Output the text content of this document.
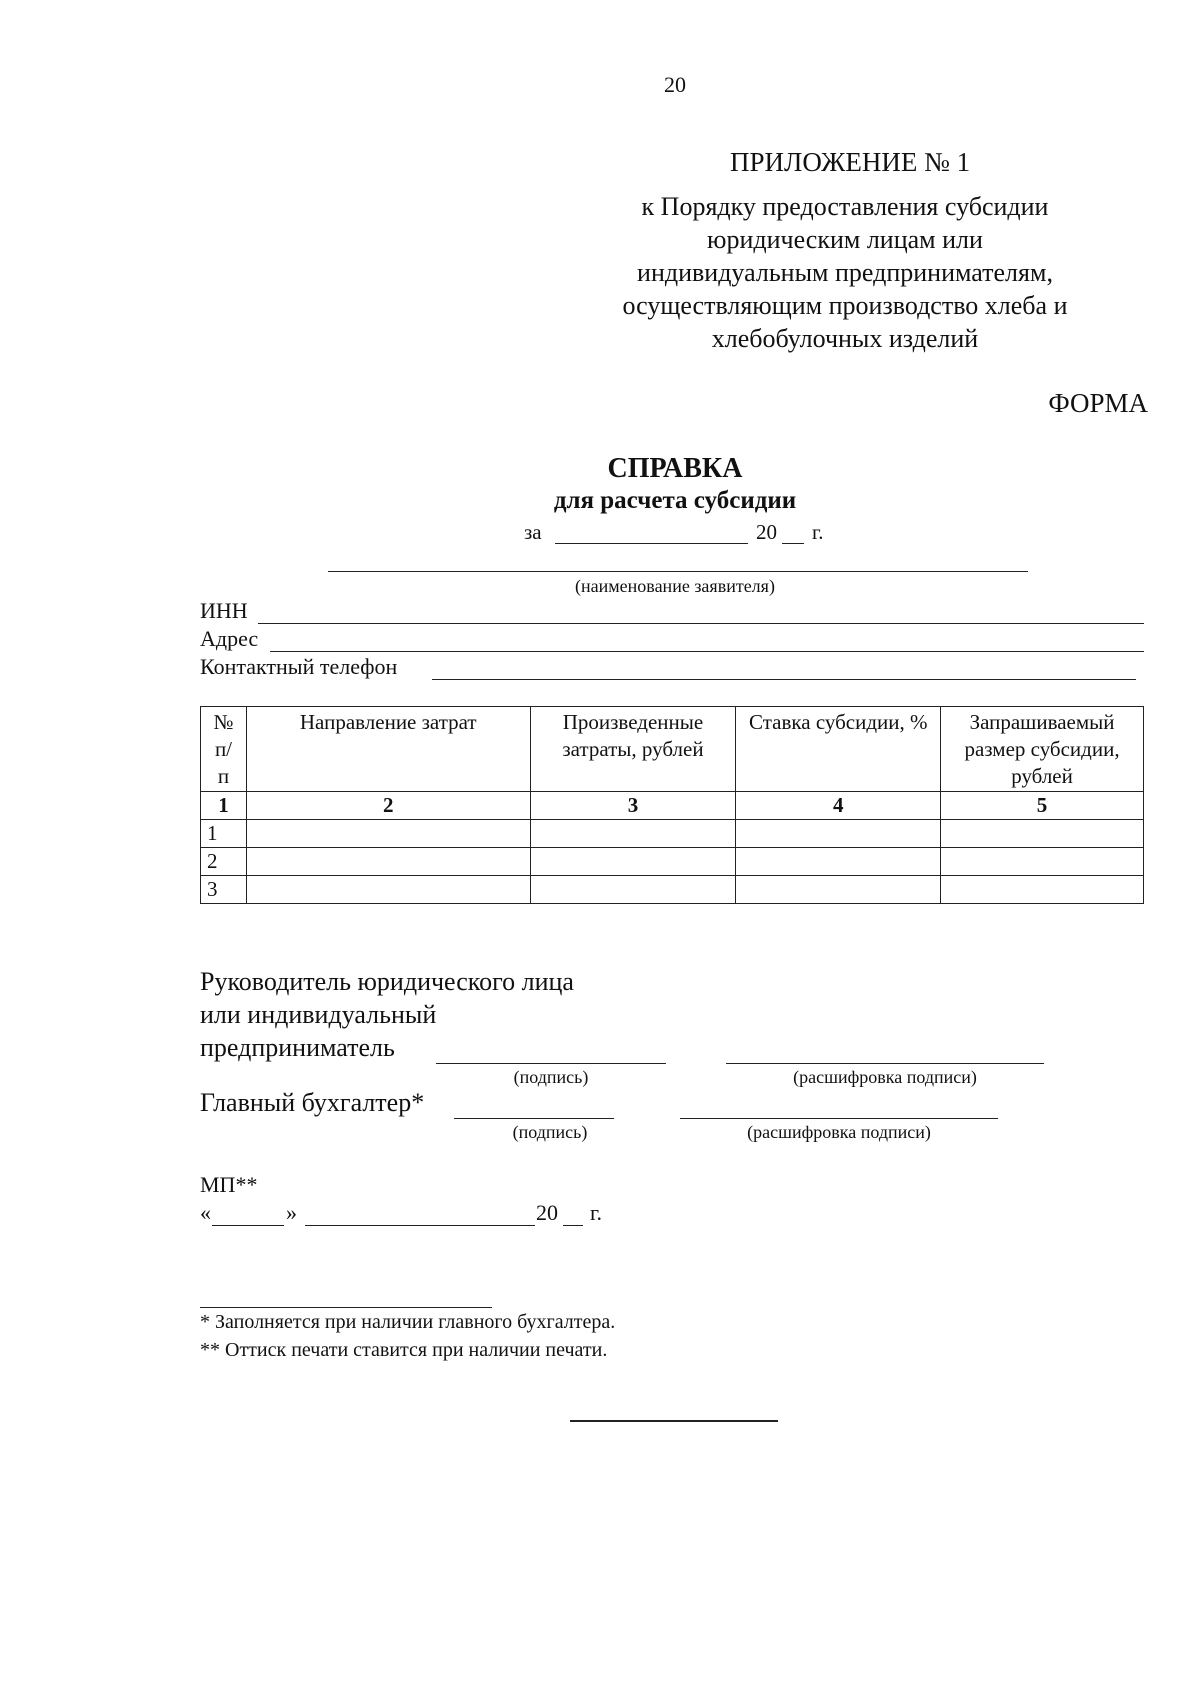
20
ПРИЛОЖЕНИЕ № 1
к Порядку предоставления субсидии
юридическим лицам или
индивидуальным предпринимателям,
осуществляющим производство хлеба и
хлебобулочных изделий
ФОРМА
СПРАВКА
для расчета субсидии
за	20 г.
(наименование заявителя)
ИНН
Адрес
Контактный телефон
№ п/ п	Направление затрат	Произведенные затраты, рублей	Ставка субсидии, %	Запрашиваемый размер субсидии, рублей
1	2	3	4	5
1				
2				
3				
Руководитель юридического лица
или индивидуальный
предприниматель
(подпись)	(расшифровка подписи)
Главный бухгалтер*
(подпись)	(расшифровка подписи)
МП**
«	»	20 г.
* Заполняется при наличии главного бухгалтера.
** Оттиск печати ставится при наличии печати.
